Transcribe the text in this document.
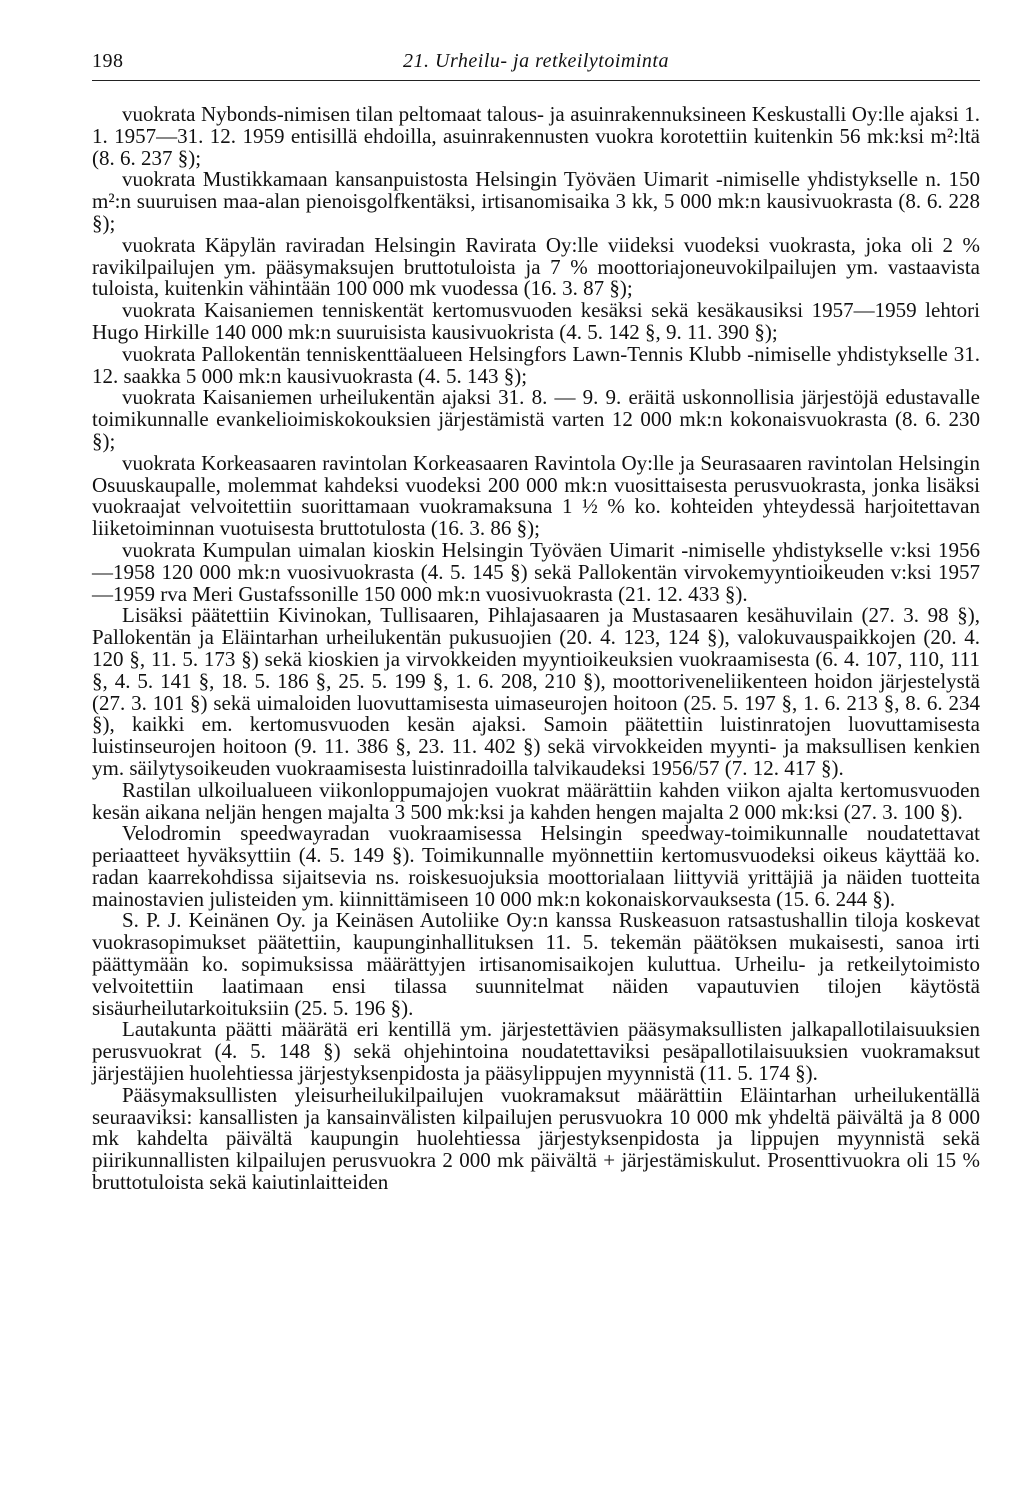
198	21. Urheilu- ja retkeilytoiminta

vuokrata Nybonds-nimisen tilan peltomaat talous- ja asuinrakennuksineen Keskustalli Oy:lle ajaksi 1. 1. 1957—31. 12. 1959 entisillä ehdoilla, asuinrakennusten vuokra korotettiin kuitenkin 56 mk:ksi m²:ltä (8. 6. 237 §);

vuokrata Mustikkamaan kansanpuistosta Helsingin Työväen Uimarit -nimiselle yhdistykselle n. 150 m²:n suuruisen maa-alan pienoisgolfkentäksi, irtisanomisaika 3 kk, 5 000 mk:n kausivuokrasta (8. 6. 228 §);

vuokrata Käpylän raviradan Helsingin Ravirata Oy:lle viideksi vuodeksi vuokrasta, joka oli 2 % ravikilpailujen ym. pääsymaksujen bruttotuloista ja 7 % moottoriajoneuvokilpailujen ym. vastaavista tuloista, kuitenkin vähintään 100 000 mk vuodessa (16. 3. 87 §);

vuokrata Kaisaniemen tenniskentät kertomusvuoden kesäksi sekä kesäkausiksi 1957—1959 lehtori Hugo Hirkille 140 000 mk:n suuruisista kausivuokrista (4. 5. 142 §, 9. 11. 390 §);

vuokrata Pallokentän tenniskenttäalueen Helsingfors Lawn-Tennis Klubb -nimiselle yhdistykselle 31. 12. saakka 5 000 mk:n kausivuokrasta (4. 5. 143 §);

vuokrata Kaisaniemen urheilukentän ajaksi 31. 8. — 9. 9. eräitä uskonnollisia järjestöjä edustavalle toimikunnalle evankelioimiskokouksien järjestämistä varten 12 000 mk:n kokonaisvuokrasta (8. 6. 230 §);

vuokrata Korkeasaaren ravintolan Korkeasaaren Ravintola Oy:lle ja Seurasaaren ravintolan Helsingin Osuuskaupalle, molemmat kahdeksi vuodeksi 200 000 mk:n vuosittaisesta perusvuokrasta, jonka lisäksi vuokraajat velvoitettiin suorittamaan vuokramaksuna 1 ½ % ko. kohteiden yhteydessä harjoitettavan liiketoiminnan vuotuisesta bruttotulosta (16. 3. 86 §);

vuokrata Kumpulan uimalan kioskin Helsingin Työväen Uimarit -nimiselle yhdistykselle v:ksi 1956—1958 120 000 mk:n vuosivuokrasta (4. 5. 145 §) sekä Pallokentän virvokemyyntioikeuden v:ksi 1957—1959 rva Meri Gustafssonille 150 000 mk:n vuosivuokrasta (21. 12. 433 §).

Lisäksi päätettiin Kivinokan, Tullisaaren, Pihlajasaaren ja Mustasaaren kesähuvilain (27. 3. 98 §), Pallokentän ja Eläintarhan urheilukentän pukusuojien (20. 4. 123, 124 §), valokuvauspaikkojen (20. 4. 120 §, 11. 5. 173 §) sekä kioskien ja virvokkeiden myyntioikeuksien vuokraamisesta (6. 4. 107, 110, 111 §, 4. 5. 141 §, 18. 5. 186 §, 25. 5. 199 §, 1. 6. 208, 210 §), moottoriveneliikenteen hoidon järjestelystä (27. 3. 101 §) sekä uimaloiden luovuttamisesta uimaseurojen hoitoon (25. 5. 197 §, 1. 6. 213 §, 8. 6. 234 §), kaikki em. kertomusvuoden kesän ajaksi. Samoin päätettiin luistinratojen luovuttamisesta luistinseurojen hoitoon (9. 11. 386 §, 23. 11. 402 §) sekä virvokkeiden myynti- ja maksullisen kenkien ym. säilytysoikeuden vuokraamisesta luistinradoilla talvikaudeksi 1956/57 (7. 12. 417 §).

Rastilan ulkoilualueen viikonloppumajojen vuokrat määrättiin kahden viikon ajalta kertomusvuoden kesän aikana neljän hengen majalta 3 500 mk:ksi ja kahden hengen majalta 2 000 mk:ksi (27. 3. 100 §).

Velodromin speedwayradan vuokraamisessa Helsingin speedway-toimikunnalle noudatettavat periaatteet hyväksyttiin (4. 5. 149 §). Toimikunnalle myönnettiin kertomusvuodeksi oikeus käyttää ko. radan kaarrekohdissa sijaitsevia ns. roiskesuojuksia moottorialaan liittyviä yrittäjiä ja näiden tuotteita mainostavien julisteiden ym. kiinnittämiseen 10 000 mk:n kokonaiskorvauksesta (15. 6. 244 §).

S. P. J. Keinänen Oy. ja Keinäsen Autoliike Oy:n kanssa Ruskeasuon ratsastushallin tiloja koskevat vuokrasopimukset päätettiin, kaupunginhallituksen 11. 5. tekemän päätöksen mukaisesti, sanoa irti päättymään ko. sopimuksissa määrättyjen irtisanomisaikojen kuluttua. Urheilu- ja retkeilytoimisto velvoitettiin laatimaan ensi tilassa suunnitelmat näiden vapautuvien tilojen käytöstä sisäurheilutarkoituksiin (25. 5. 196 §).

Lautakunta päätti määrätä eri kentillä ym. järjestettävien pääsymaksullisten jalkapallotilaisuuksien perusvuokrat (4. 5. 148 §) sekä ohjehintoina noudatettaviksi pesäpallotilaisuuksien vuokramaksut järjestäjien huolehtiessa järjestyksenpidosta ja pääsylippujen myynnistä (11. 5. 174 §).

Pääsymaksullisten yleisurheilukilpailujen vuokramaksut määrättiin Eläintarhan urheilukentällä seuraaviksi: kansallisten ja kansainvälisten kilpailujen perusvuokra 10 000 mk yhdeltä päivältä ja 8 000 mk kahdelta päivältä kaupungin huolehtiessa järjestyksenpidosta ja lippujen myynnistä sekä piirikunnallisten kilpailujen perusvuokra 2 000 mk päivältä + järjestämiskulut. Prosenttivuokra oli 15 % bruttotuloista sekä kaiutinlaitteiden
